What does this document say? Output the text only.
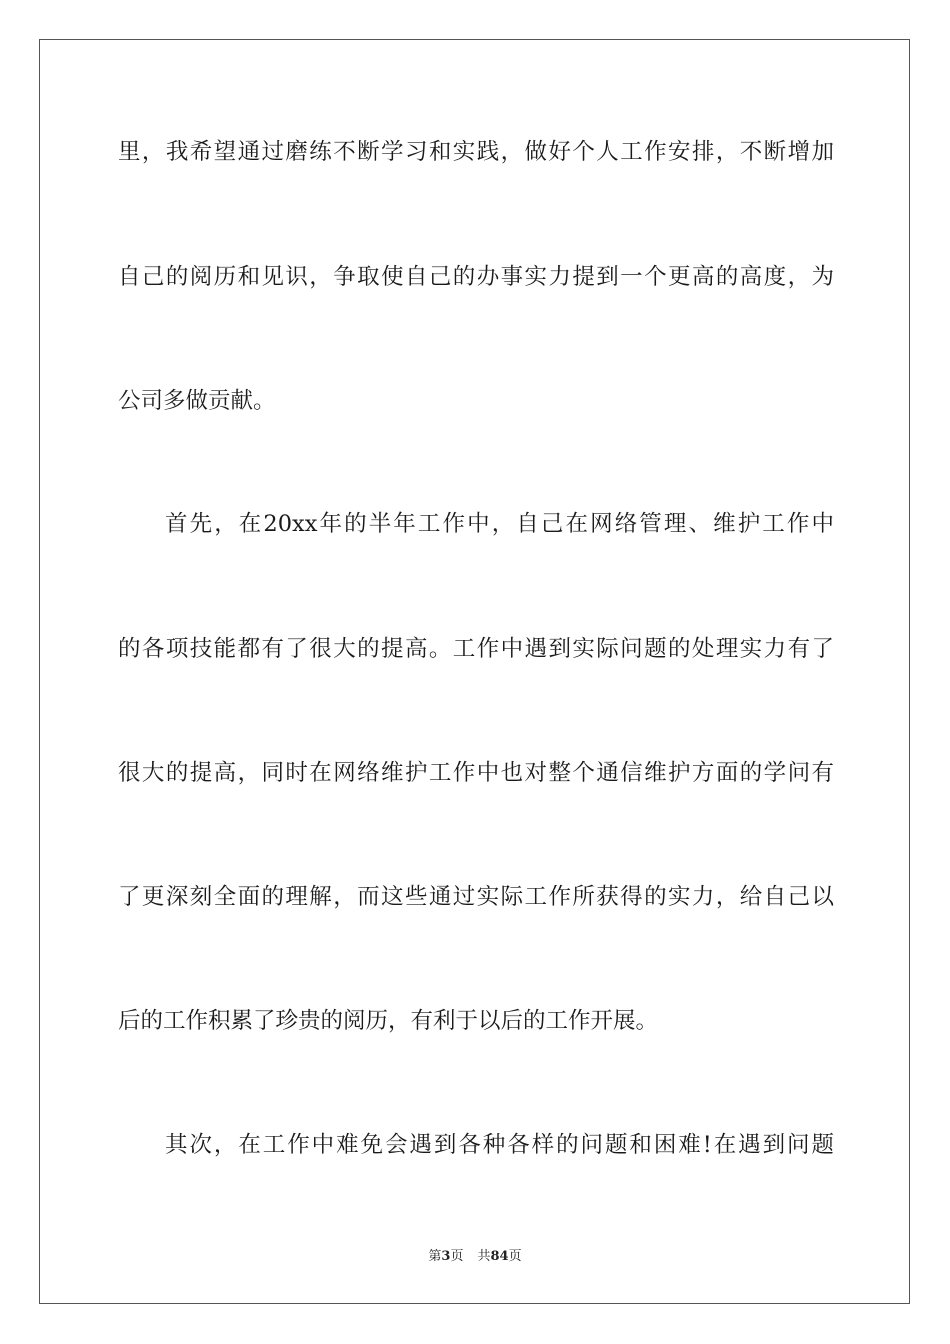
里，我希望通过磨练不断学习和实践，做好个人工作安排，不断增加
自己的阅历和见识，争取使自己的办事实力提到一个更高的高度，为
公司多做贡献。
首先，在20xx年的半年工作中，自己在网络管理、维护工作中
的各项技能都有了很大的提高。工作中遇到实际问题的处理实力有了
很大的提高，同时在网络维护工作中也对整个通信维护方面的学问有
了更深刻全面的理解，而这些通过实际工作所获得的实力，给自己以
后的工作积累了珍贵的阅历，有利于以后的工作开展。
其次，在工作中难免会遇到各种各样的问题和困难!在遇到问题
第3页 共84页
